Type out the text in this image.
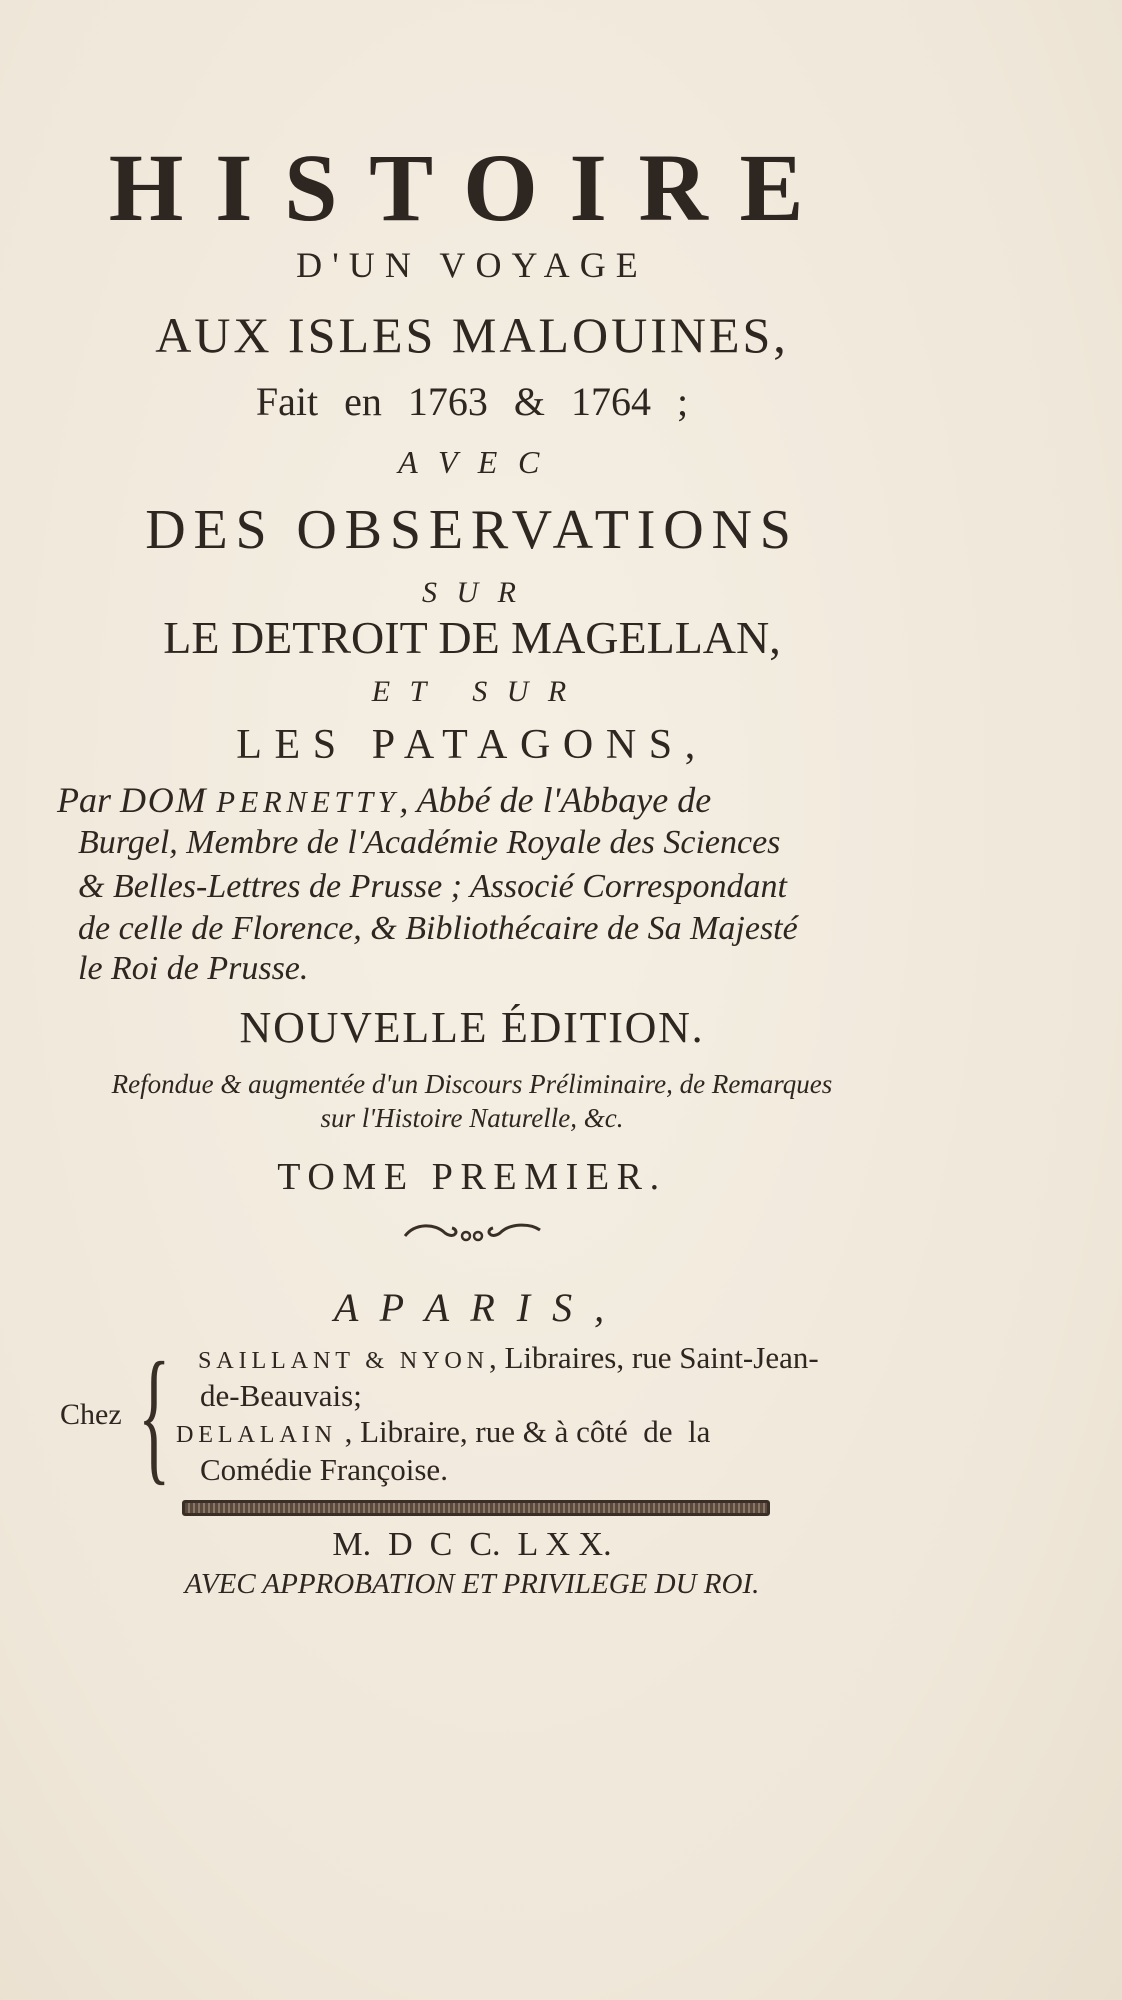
HISTOIRE
D'UN VOYAGE
AUX ISLES MALOUINES,
Fait en 1763 & 1764 ;
A V E C
DES OBSERVATIONS
S U R
LE DETROIT DE MAGELLAN,
E T   S U R
LES PATAGONS,
Par DOM PERNETTY, Abbé de l'Abbaye de
Burgel, Membre de l'Académie Royale des Sciences
& Belles-Lettres de Prusse ; Associé Correspondant
de celle de Florence, & Bibliothécaire de Sa Majesté
le Roi de Prusse.
NOUVELLE ÉDITION.
Refondue & augmentée d'un Discours Préliminaire, de Remarques
sur l'Histoire Naturelle, &c.
TOME PREMIER.
A P A R I S ,
{
Chez
SAILLANT & NYON, Libraires, rue Saint-Jean-
de-Beauvais;
DELALAIN , Libraire, rue & à côté  de  la
Comédie Françoise.
M.  D  C  C.  L X X.
AVEC APPROBATION ET PRIVILEGE DU ROI.
